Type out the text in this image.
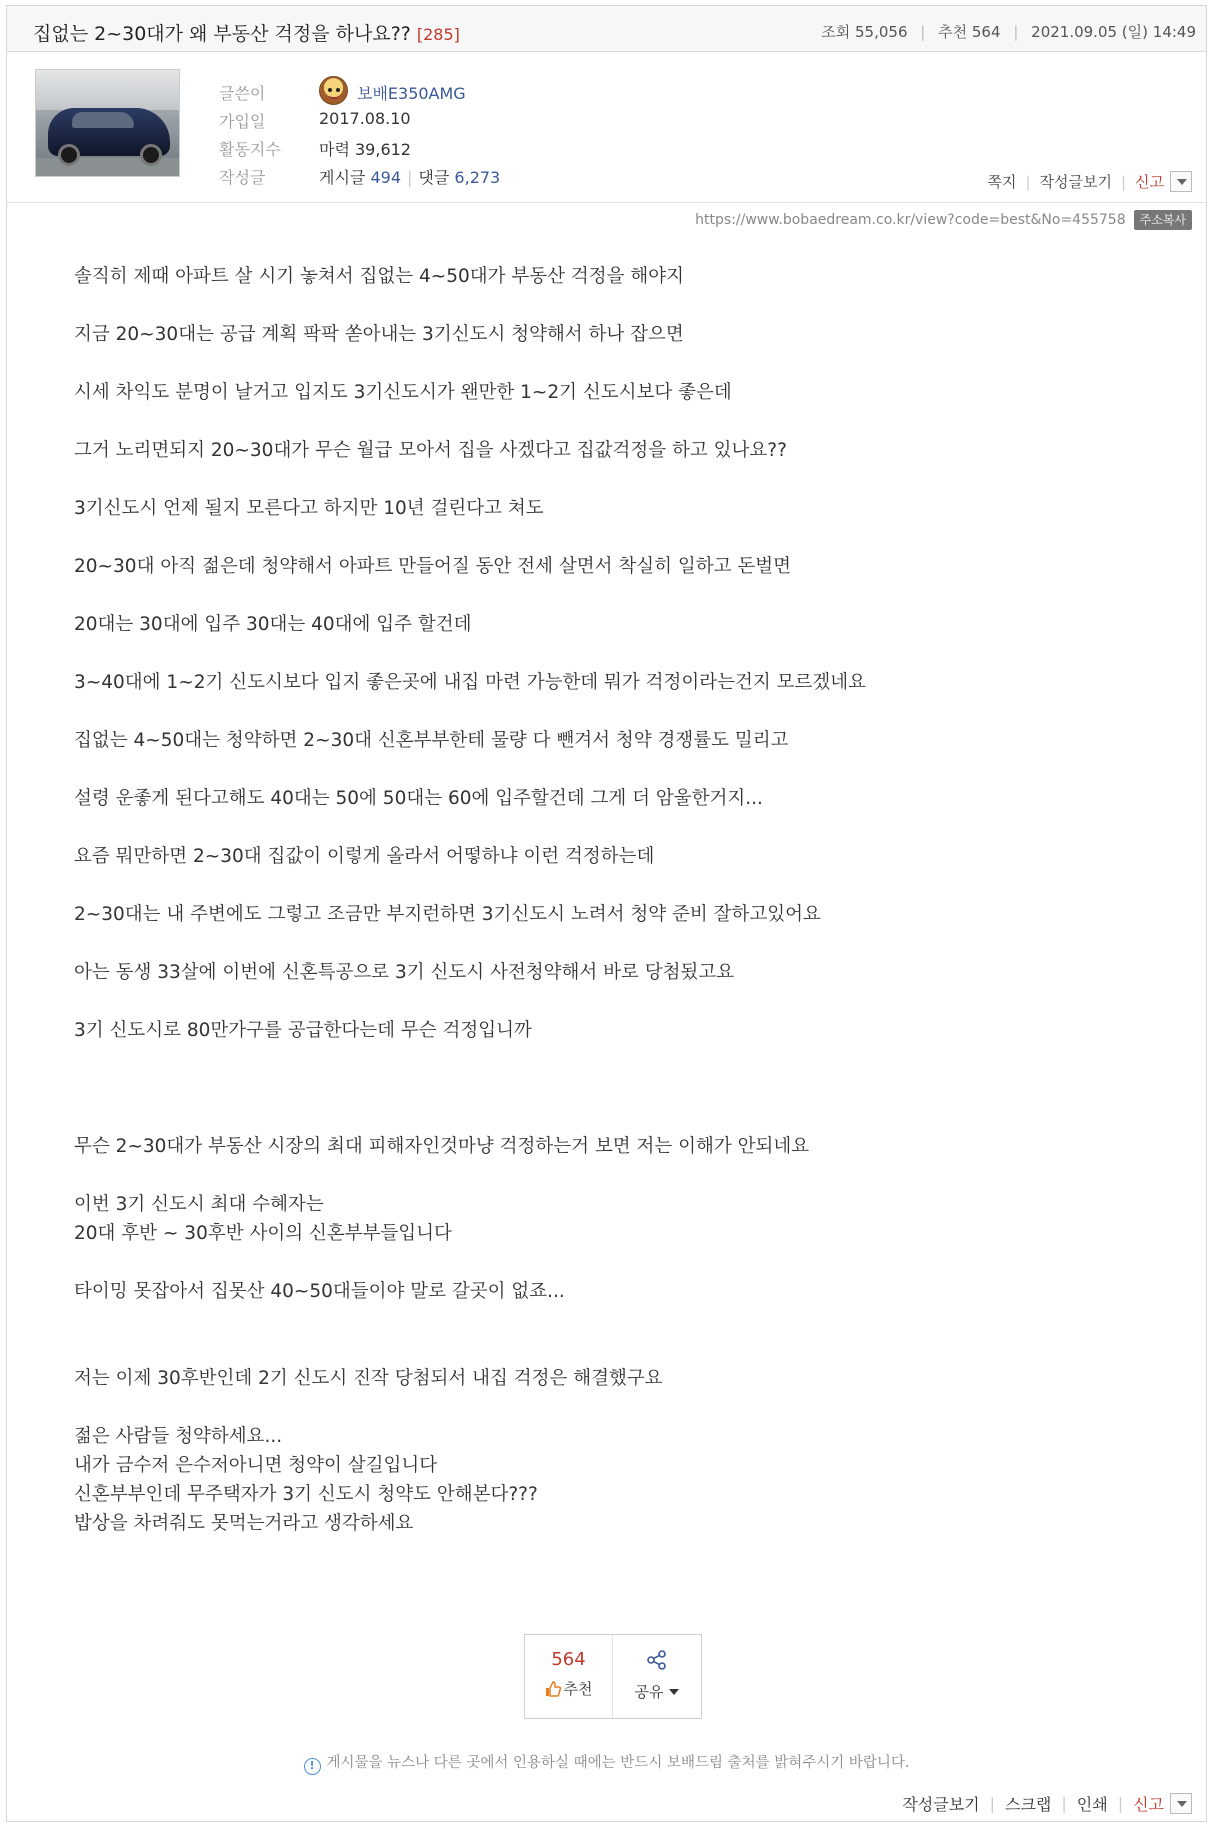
집없는 2~30대가 왜 부동산 걱정을 하나요?? [285]	조회 55,056 | 추천 564 | 2021.09.05 (일) 14:49
글쓴이	보배E350AMG
가입일	2017.08.10
활동지수 마력 39,612
작성글	게시글 494 | 댓글 6,273	쪽지 | 작성글보기 | 신고
https://www.bobaedream.co.kr/view?code=best&No=455758	주소복사

솔직히 제때 아파트 살 시기 놓쳐서 집없는 4~50대가 부동산 걱정을 해야지

지금 20~30대는 공급 계획 팍팍 쏟아내는 3기신도시 청약해서 하나 잡으면

시세 차익도 분명이 날거고 입지도 3기신도시가 왠만한 1~2기 신도시보다 좋은데

그거 노리면되지 20~30대가 무슨 월급 모아서 집을 사겠다고 집값걱정을 하고 있나요??

3기신도시 언제 될지 모른다고 하지만 10년 걸린다고 쳐도

20~30대 아직 젊은데 청약해서 아파트 만들어질 동안 전세 살면서 착실히 일하고 돈벌면

20대는 30대에 입주 30대는 40대에 입주 할건데

3~40대에 1~2기 신도시보다 입지 좋은곳에 내집 마련 가능한데 뭐가 걱정이라는건지 모르겠네요

집없는 4~50대는 청약하면 2~30대 신혼부부한테 물량 다 뺀겨서 청약 경쟁률도 밀리고

설령 운좋게 된다고해도 40대는 50에 50대는 60에 입주할건데 그게 더 암울한거지...

요즘 뭐만하면 2~30대 집값이 이렇게 올라서 어떻하냐 이런 걱정하는데

2~30대는 내 주변에도 그렇고 조금만 부지런하면 3기신도시 노려서 청약 준비 잘하고있어요

아는 동생 33살에 이번에 신혼특공으로 3기 신도시 사전청약해서 바로 당첨됬고요

3기 신도시로 80만가구를 공급한다는데 무슨 걱정입니까

무슨 2~30대가 부동산 시장의 최대 피해자인것마냥 걱정하는거 보면 저는 이해가 안되네요

이번 3기 신도시 최대 수혜자는

20대 후반 ~ 30후반 사이의 신혼부부들입니다

타이밍 못잡아서 집못산 40~50대들이야 말로 갈곳이 없죠...

저는 이제 30후반인데 2기 신도시 진작 당첨되서 내집 걱정은 해결했구요

젊은 사람들 청약하세요...

내가 금수저 은수저아니면 청약이 살길입니다

신혼부부인데 무주택자가 3기 신도시 청약도 안해본다???

밥상을 차려줘도 못먹는거라고 생각하세요

564
추천	공유
! 게시물을 뉴스나 다른 곳에서 인용하실 때에는 반드시 보배드림 출처를 밝혀주시기 바랍니다.
작성글보기 | 스크랩 | 인쇄 | 신고
